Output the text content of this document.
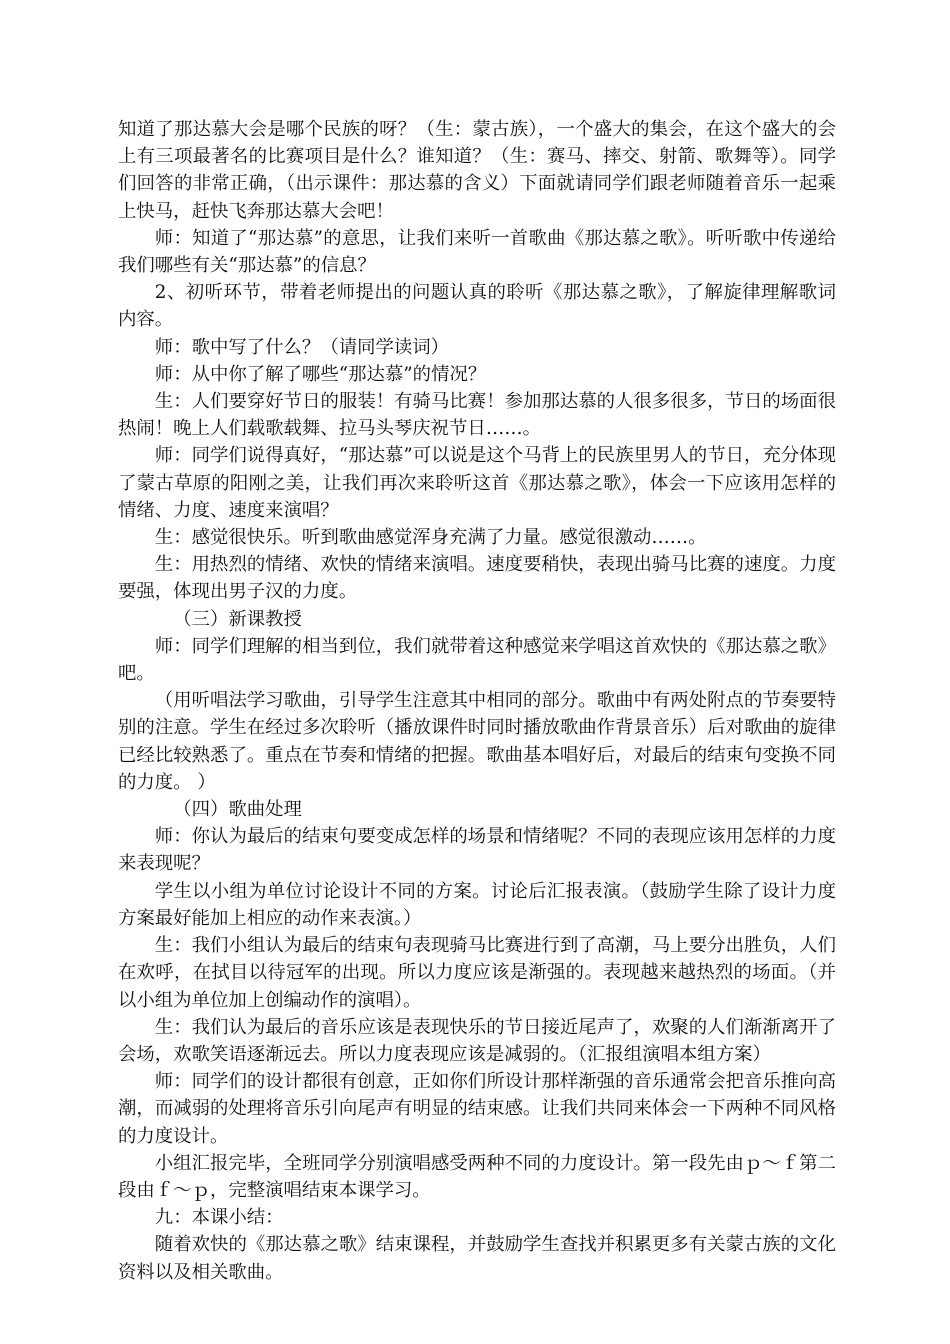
知道了那达慕大会是哪个民族的呀？（生：蒙古族），一个盛大的集会，在这个盛大的会上有三项最著名的比赛项目是什么？谁知道？（生：赛马、摔交、射箭、歌舞等）。同学们回答的非常正确，（出示课件：那达慕的含义）下面就请同学们跟老师随着音乐一起乘上快马，赶快飞奔那达慕大会吧！

师：知道了“那达慕”的意思，让我们来听一首歌曲《那达慕之歌》。听听歌中传递给我们哪些有关“那达慕”的信息？

2、初听环节，带着老师提出的问题认真的聆听《那达慕之歌》，了解旋律理解歌词内容。

师：歌中写了什么？（请同学读词）

师：从中你了解了哪些“那达慕”的情况？

生：人们要穿好节日的服装！有骑马比赛！参加那达慕的人很多很多，节日的场面很热闹！晚上人们载歌载舞、拉马头琴庆祝节日……。

师：同学们说得真好，“那达慕”可以说是这个马背上的民族里男人的节日，充分体现了蒙古草原的阳刚之美，让我们再次来聆听这首《那达慕之歌》，体会一下应该用怎样的情绪、力度、速度来演唱？

生：感觉很快乐。听到歌曲感觉浑身充满了力量。感觉很激动……。

生：用热烈的情绪、欢快的情绪来演唱。速度要稍快，表现出骑马比赛的速度。力度要强，体现出男子汉的力度。

（三）新课教授

师：同学们理解的相当到位，我们就带着这种感觉来学唱这首欢快的《那达慕之歌》吧。

（用听唱法学习歌曲，引导学生注意其中相同的部分。歌曲中有两处附点的节奏要特别的注意。学生在经过多次聆听（播放课件时同时播放歌曲作背景音乐）后对歌曲的旋律已经比较熟悉了。重点在节奏和情绪的把握。歌曲基本唱好后，对最后的结束句变换不同的力度。 ）

（四）歌曲处理

师：你认为最后的结束句要变成怎样的场景和情绪呢？不同的表现应该用怎样的力度来表现呢？

学生以小组为单位讨论设计不同的方案。讨论后汇报表演。（鼓励学生除了设计力度方案最好能加上相应的动作来表演。）

生：我们小组认为最后的结束句表现骑马比赛进行到了高潮，马上要分出胜负，人们在欢呼，在拭目以待冠军的出现。所以力度应该是渐强的。表现越来越热烈的场面。（并以小组为单位加上创编动作的演唱）。

生：我们认为最后的音乐应该是表现快乐的节日接近尾声了，欢聚的人们渐渐离开了会场，欢歌笑语逐渐远去。所以力度表现应该是减弱的。（汇报组演唱本组方案）

师：同学们的设计都很有创意，正如你们所设计那样渐强的音乐通常会把音乐推向高潮，而减弱的处理将音乐引向尾声有明显的结束感。让我们共同来体会一下两种不同风格的力度设计。

小组汇报完毕，全班同学分别演唱感受两种不同的力度设计。第一段先由ｐ～ｆ第二段由ｆ～ｐ，完整演唱结束本课学习。

九：本课小结：

随着欢快的《那达慕之歌》结束课程，并鼓励学生查找并积累更多有关蒙古族的文化资料以及相关歌曲。
